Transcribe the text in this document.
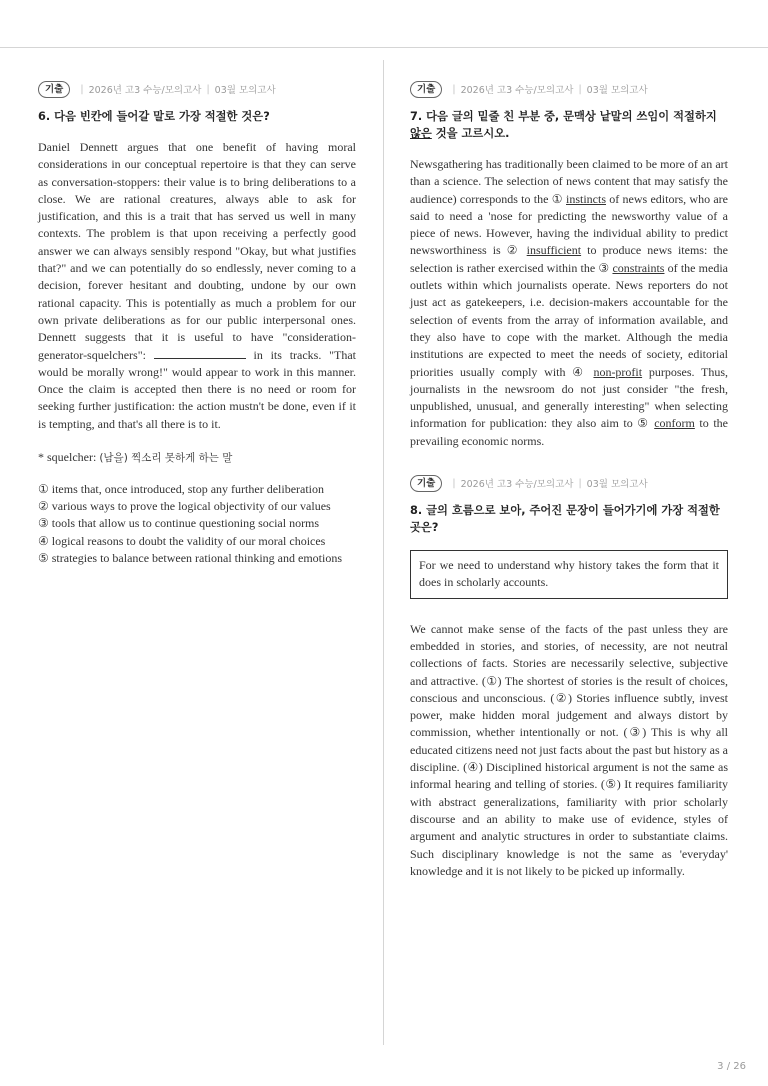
기출	| 2026년 고3 수능/모의고사 | 03월 모의고사
6. 다음 빈칸에 들어갈 말로 가장 적절한 것은?

Daniel Dennett argues that one benefit of having moral considerations in our conceptual repertoire is that they can serve as conversation-stoppers: their value is to bring deliberations to a close. We are rational creatures, always able to ask for justification, and this is a trait that has served us well in many contexts. The problem is that upon receiving a perfectly good answer we can always sensibly respond "Okay, but what justifies that?" and we can potentially do so endlessly, never coming to a decision, forever hesitant and doubting, undone by our own rational capacity. This is potentially as much a problem for our own private deliberations as for our public interpersonal ones. Dennett suggests that it is useful to have "consideration-generator-squelchers":	in its tracks. "That would be morally wrong!" would appear to work in this manner. Once the claim is accepted then there is no need or room for seeking further justification: the action mustn't be done, even if it is tempting, and that's all there is to it.

* squelcher: (남을) 찍소리 못하게 하는 말

① items that, once introduced, stop any further deliberation

② various ways to prove the logical objectivity of our values

③ tools that allow us to continue questioning social norms

④ logical reasons to doubt the validity of our moral choices

⑤ strategies to balance between rational thinking and emotions

기출	| 2026년 고3 수능/모의고사 | 03월 모의고사
7. 다음 글의 밑줄 친 부분 중, 문맥상 낱말의 쓰임이 적절하지 않은 것을 고르시오.

Newsgathering has traditionally been claimed to be more of an art than a science. The selection of news content that may satisfy the audience) corresponds to the ① instincts of news editors, who are said to need a 'nose for predicting the newsworthy value of a piece of news. However, having the individual ability to predict newsworthiness is ② insufficient to produce news items: the selection is rather exercised within the ③ constraints of the media outlets within which journalists operate. News reporters do not just act as gatekeepers, i.e. decision-makers accountable for the selection of events from the array of information available, and they also have to cope with the market. Although the media institutions are expected to meet the needs of society, editorial priorities usually comply with ④ non-profit purposes. Thus, journalists in the newsroom do not just consider "the fresh, unpublished, unusual, and generally interesting" when selecting information for publication: they also aim to ⑤ conform to the prevailing economic norms.

기출	| 2026년 고3 수능/모의고사 | 03월 모의고사
8. 글의 흐름으로 보아, 주어진 문장이 들어가기에 가장 적절한 곳은?
For we need to understand why history takes the form that it does in scholarly accounts.

We cannot make sense of the facts of the past unless they are embedded in stories, and stories, of necessity, are not neutral collections of facts. Stories are necessarily selective, subjective and attractive. (①) The shortest of stories is the result of choices, conscious and unconscious. (②) Stories influence subtly, invest power, make hidden moral judgement and always distort by commission, whether intentionally or not. (③) This is why all educated citizens need not just facts about the past but history as a discipline. (④) Disciplined historical argument is not the same as informal hearing and telling of stories. (⑤) It requires familiarity with abstract generalizations, familiarity with prior scholarly discourse and an ability to make use of evidence, styles of argument and analytic structures in order to substantiate claims. Such disciplinary knowledge is not the same as 'everyday' knowledge and it is not likely to be picked up informally.

3 / 26
